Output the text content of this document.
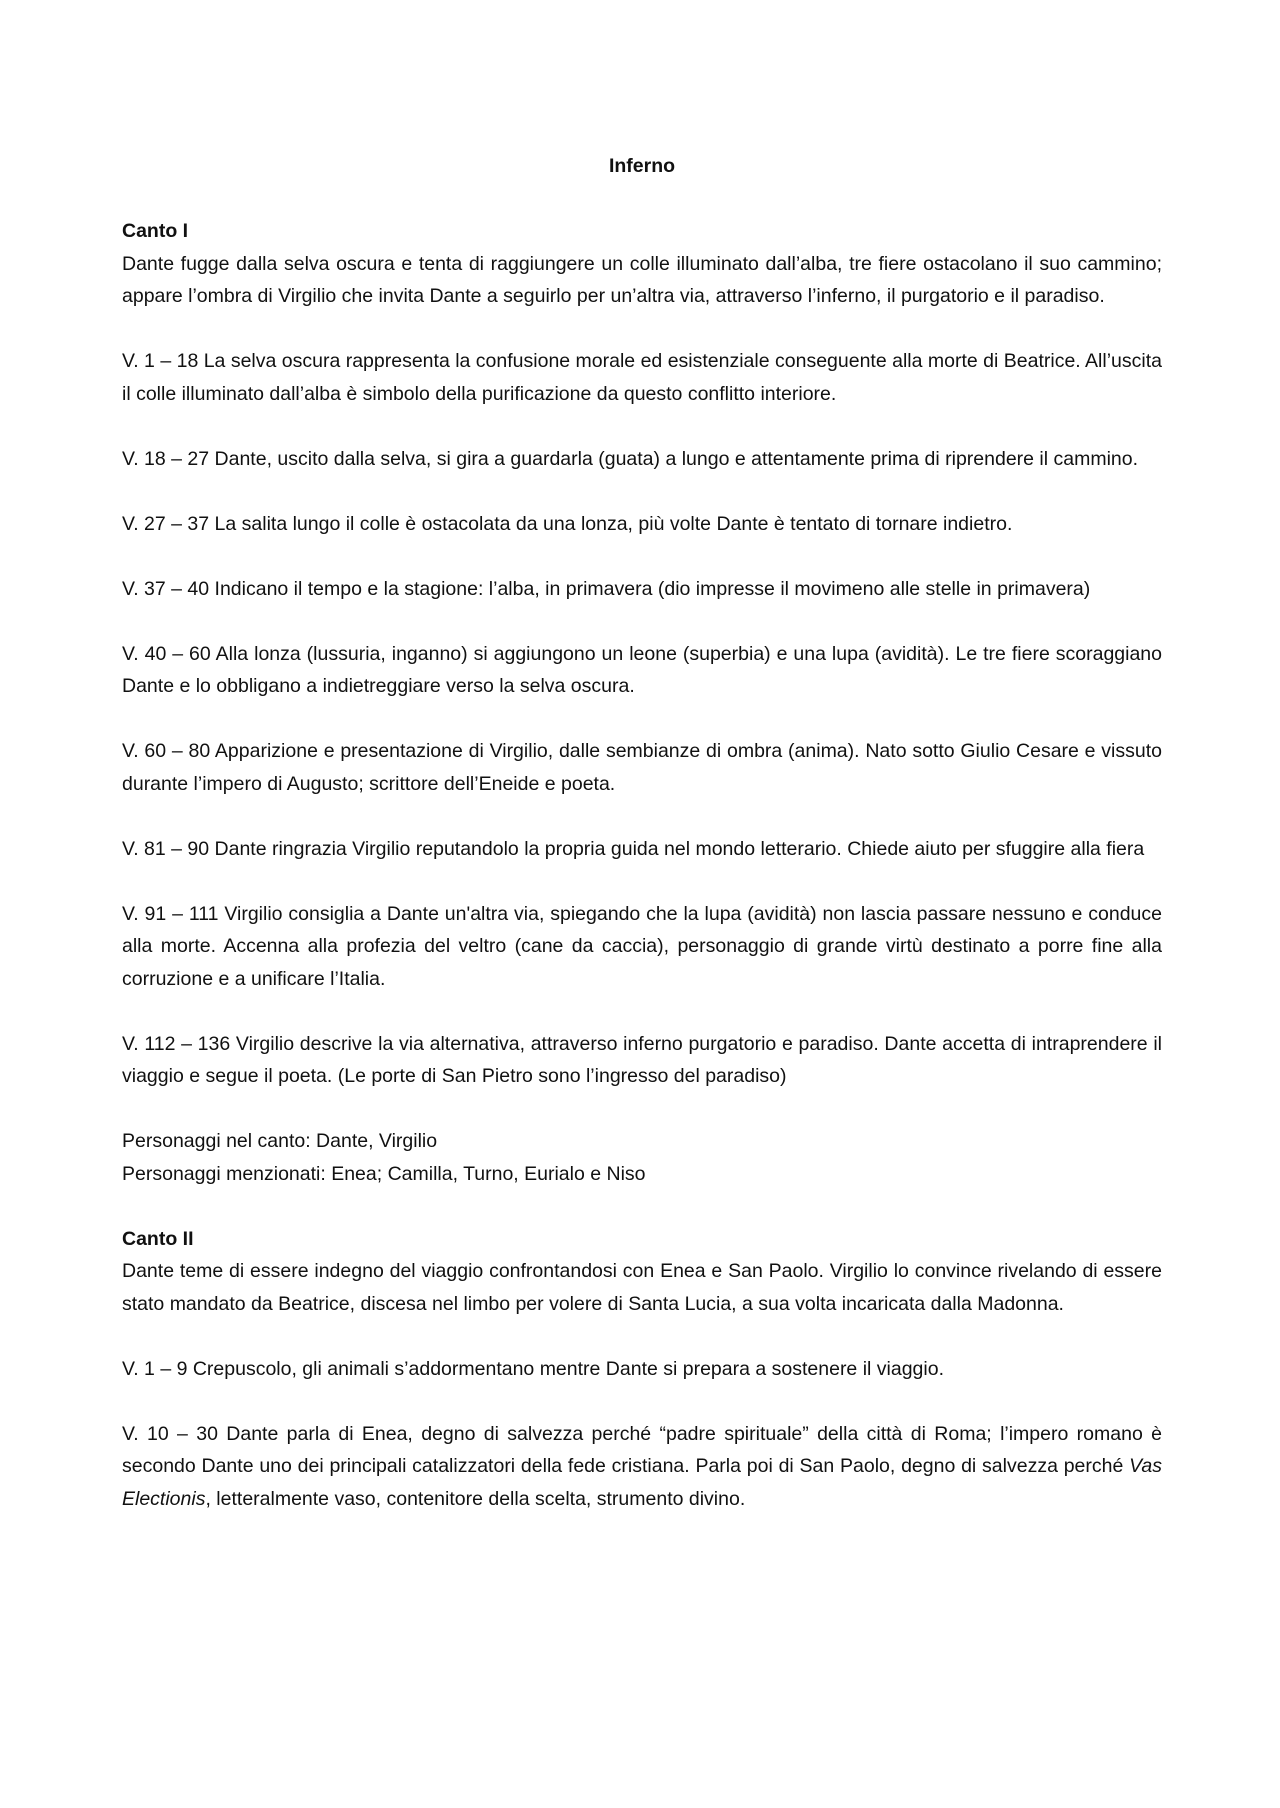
Inferno

Canto I

Dante fugge dalla selva oscura e tenta di raggiungere un colle illuminato dall’alba, tre fiere ostacolano il suo cammino; appare l’ombra di Virgilio che invita Dante a seguirlo per un’altra via, attraverso l’inferno, il purgatorio e il paradiso.

V. 1 – 18 La selva oscura rappresenta la confusione morale ed esistenziale conseguente alla morte di Beatrice. All’uscita il colle illuminato dall’alba è simbolo della purificazione da questo conflitto interiore.

V. 18 – 27 Dante, uscito dalla selva, si gira a guardarla (guata) a lungo e attentamente prima di riprendere il cammino.

V. 27 – 37 La salita lungo il colle è ostacolata da una lonza, più volte Dante è tentato di tornare indietro.

V. 37 – 40 Indicano il tempo e la stagione: l’alba, in primavera (dio impresse il movimeno alle stelle in primavera)

V. 40 – 60 Alla lonza (lussuria, inganno) si aggiungono un leone (superbia) e una lupa (avidità). Le tre fiere scoraggiano Dante e lo obbligano a indietreggiare verso la selva oscura.

V. 60 – 80 Apparizione e presentazione di Virgilio, dalle sembianze di ombra (anima). Nato sotto Giulio Cesare e vissuto durante l’impero di Augusto; scrittore dell’Eneide e poeta.

V. 81 – 90 Dante ringrazia Virgilio reputandolo la propria guida nel mondo letterario. Chiede aiuto per sfuggire alla fiera

V. 91 – 111 Virgilio consiglia a Dante un'altra via, spiegando che la lupa (avidità) non lascia passare nessuno e conduce alla morte. Accenna alla profezia del veltro (cane da caccia), personaggio di grande virtù destinato a porre fine alla corruzione e a unificare l’Italia.

V. 112 – 136 Virgilio descrive la via alternativa, attraverso inferno purgatorio e paradiso. Dante accetta di intraprendere il viaggio e segue il poeta. (Le porte di San Pietro sono l’ingresso del paradiso)

Personaggi nel canto: Dante, Virgilio

Personaggi menzionati: Enea; Camilla, Turno, Eurialo e Niso

Canto II

Dante teme di essere indegno del viaggio confrontandosi con Enea e San Paolo. Virgilio lo convince rivelando di essere stato mandato da Beatrice, discesa nel limbo per volere di Santa Lucia, a sua volta incaricata dalla Madonna.

V. 1 – 9 Crepuscolo, gli animali s’addormentano mentre Dante si prepara a sostenere il viaggio.

V. 10 – 30 Dante parla di Enea, degno di salvezza perché “padre spirituale” della città di Roma; l’impero romano è secondo Dante uno dei principali catalizzatori della fede cristiana. Parla poi di San Paolo, degno di salvezza perché Vas Electionis, letteralmente vaso, contenitore della scelta, strumento divino.
